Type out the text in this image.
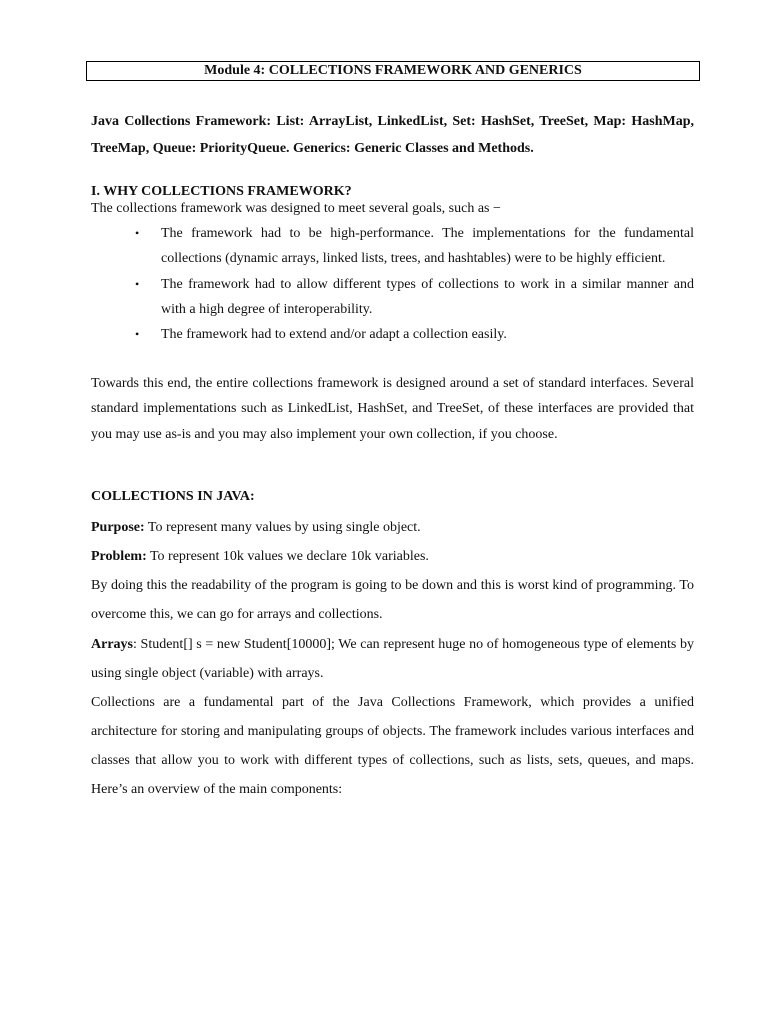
Module 4: COLLECTIONS FRAMEWORK AND GENERICS
Java Collections Framework: List: ArrayList, LinkedList, Set: HashSet, TreeSet, Map: HashMap, TreeMap, Queue: PriorityQueue. Generics: Generic Classes and Methods.
I. WHY COLLECTIONS FRAMEWORK?
The collections framework was designed to meet several goals, such as −
• The framework had to be high-performance. The implementations for the fundamental collections (dynamic arrays, linked lists, trees, and hashtables) were to be highly efficient.
• The framework had to allow different types of collections to work in a similar manner and with a high degree of interoperability.
• The framework had to extend and/or adapt a collection easily.
Towards this end, the entire collections framework is designed around a set of standard interfaces. Several standard implementations such as LinkedList, HashSet, and TreeSet, of these interfaces are provided that you may use as-is and you may also implement your own collection, if you choose.
COLLECTIONS IN JAVA:
Purpose: To represent many values by using single object.
Problem: To represent 10k values we declare 10k variables.
By doing this the readability of the program is going to be down and this is worst kind of programming. To overcome this, we can go for arrays and collections.
Arrays: Student[] s = new Student[10000]; We can represent huge no of homogeneous type of elements by using single object (variable) with arrays.
Collections are a fundamental part of the Java Collections Framework, which provides a unified architecture for storing and manipulating groups of objects. The framework includes various interfaces and classes that allow you to work with different types of collections, such as lists, sets, queues, and maps. Here’s an overview of the main components:
